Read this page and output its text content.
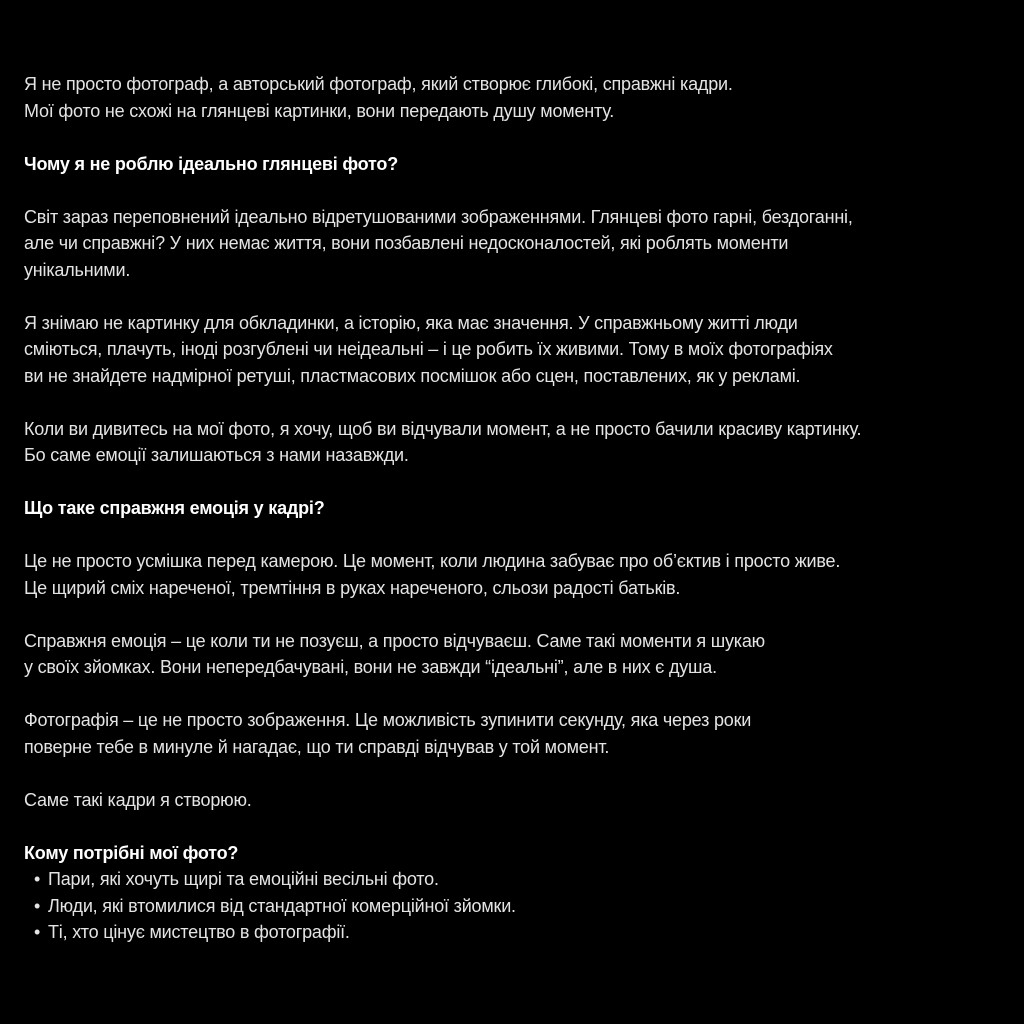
Я не просто фотограф, а авторський фотограф, який створює глибокі, справжні кадри.
Мої фото не схожі на глянцеві картинки, вони передають душу моменту.
Чому я не роблю ідеально глянцеві фото?
Світ зараз переповнений ідеально відретушованими зображеннями. Глянцеві фото гарні, бездоганні,
але чи справжні? У них немає життя, вони позбавлені недосконалостей, які роблять моменти
унікальними.
Я знімаю не картинку для обкладинки, а історію, яка має значення. У справжньому житті люди
сміються, плачуть, іноді розгублені чи неідеальні – і це робить їх живими. Тому в моїх фотографіях
ви не знайдете надмірної ретуші, пластмасових посмішок або сцен, поставлених, як у рекламі.
Коли ви дивитесь на мої фото, я хочу, щоб ви відчували момент, а не просто бачили красиву картинку.
Бо саме емоції залишаються з нами назавжди.
Що таке справжня емоція у кадрі?
Це не просто усмішка перед камерою. Це момент, коли людина забуває про об’єктив і просто живе.
Це щирий сміх нареченої, тремтіння в руках нареченого, сльози радості батьків.
Справжня емоція – це коли ти не позуєш, а просто відчуваєш. Саме такі моменти я шукаю
у своїх зйомках. Вони непередбачувані, вони не завжди “ідеальні”, але в них є душа.
Фотографія – це не просто зображення. Це можливість зупинити секунду, яка через роки
поверне тебе в минуле й нагадає, що ти справді відчував у той момент.
Саме такі кадри я створюю.
Кому потрібні мої фото?
• Пари, які хочуть щирі та емоційні весільні фото.
• Люди, які втомилися від стандартної комерційної зйомки.
• Ті, хто цінує мистецтво в фотографії.
